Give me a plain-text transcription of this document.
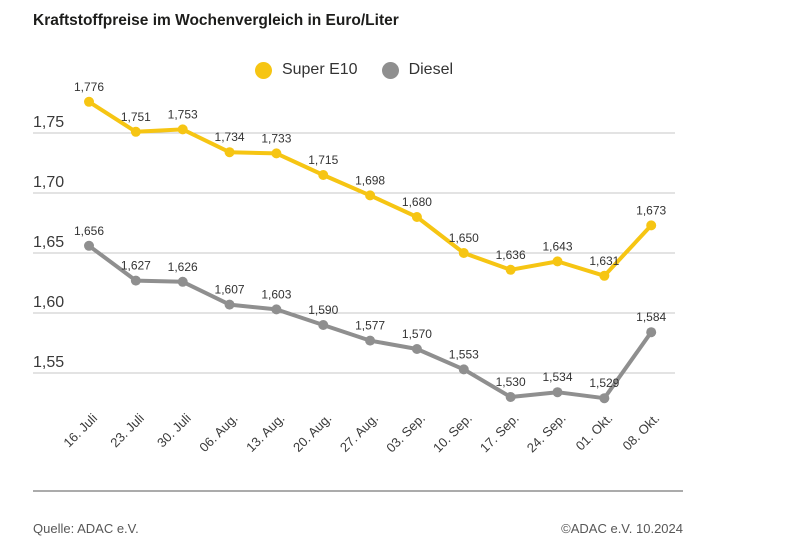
Kraftstoffpreise im Wochenvergleich in Euro/Liter
Super E10	Diesel
1,75
1,70
1,65
1,60
1,55
16. Juli 23. Juli 30. Juli 06. Aug. 13. Aug. 20. Aug. 27. Aug. 03. Sep. 10. Sep. 17. Sep. 24. Sep. 01. Okt. 08. Okt.
1,776
1,751 1,753
1,734 1,733
1,715
1,698
1,680
1,650
1,636
1,643
1,631
1,673
1,656
1,627 1,626
1,607 1,603
1,590
1,577
1,570
1,553
1,530 1,534 1,529
1,584
Quelle: ADAC e.V.	©ADAC e.V. 10.2024
